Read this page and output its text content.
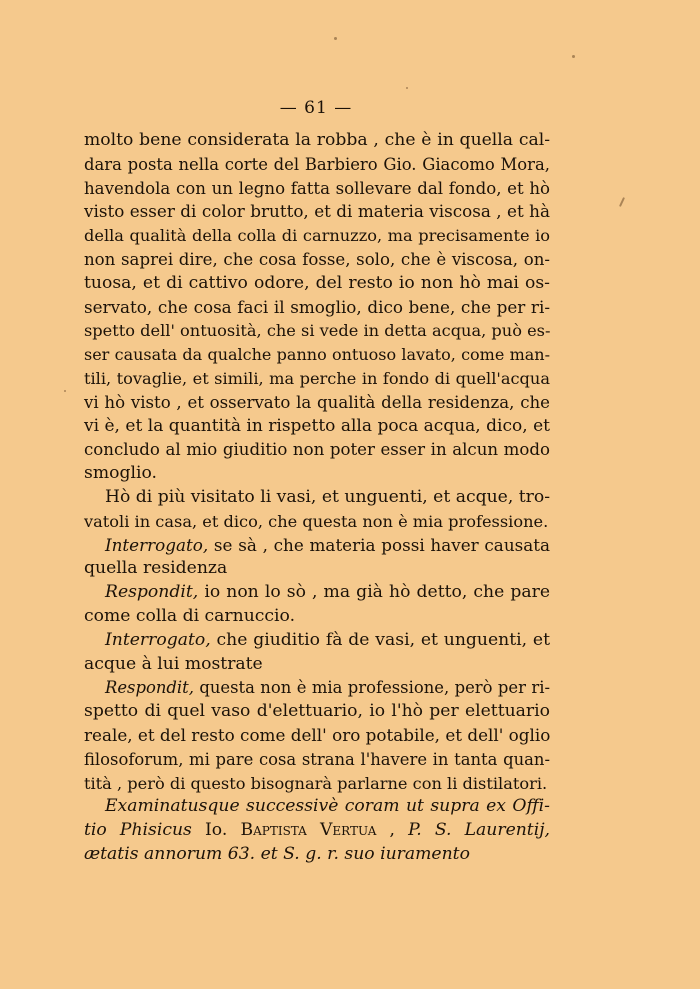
— 61 —
molto bene considerata la robba , che è in quella cal-
dara posta nella corte del Barbiero Gio. Giacomo Mora,
havendola con un legno fatta sollevare dal fondo, et hò
visto esser di color brutto, et di materia viscosa , et hà
della qualità della colla di carnuzzo, ma precisamente io
non saprei dire, che cosa fosse, solo, che è viscosa, on-
tuosa, et di cattivo odore, del resto io non hò mai os-
servato, che cosa faci il smoglio, dico bene, che per ri-
spetto dell' ontuosità, che si vede in detta acqua, può es-
ser causata da qualche panno ontuoso lavato, come man-
tili, tovaglie, et simili, ma perche in fondo di quell'acqua
vi hò visto , et osservato la qualità della residenza, che
vi è, et la quantità in rispetto alla poca acqua, dico, et
concludo al mio giuditio non poter esser in alcun modo
smoglio.
Hò di più visitato li vasi, et unguenti, et acque, tro-
vatoli in casa, et dico, che questa non è mia professione.
Interrogato, se sà , che materia possi haver causata
quella residenza
Respondit, io non lo sò , ma già hò detto, che pare
come colla di carnuccio.
Interrogato, che giuditio fà de vasi, et unguenti, et
acque à lui mostrate
Respondit, questa non è mia professione, però per ri-
spetto di quel vaso d'elettuario, io l'hò per elettuario
reale, et del resto come dell' oro potabile, et dell' oglio
filosoforum, mi pare cosa strana l'havere in tanta quan-
tità , però di questo bisognarà parlarne con li distilatori.
Examinatusque successivè coram ut supra ex Offi-
tio Phisicus Io. Baptista Vertua , P. S. Laurentij,
ætatis annorum 63. et S. g. r. suo iuramento
